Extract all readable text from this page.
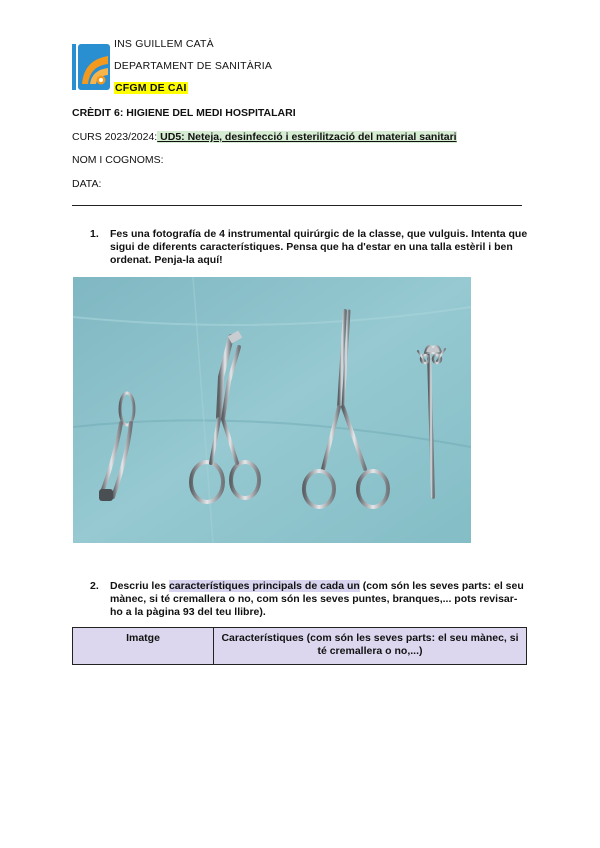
INS GUILLEM CATÀ
DEPARTAMENT DE SANITÀRIA
CFGM DE CAI
CRÈDIT 6: HIGIENE DEL MEDI HOSPITALARI
CURS 2023/2024: UD5: Neteja, desinfecció i esterilització del material sanitari
NOM I COGNOMS:
DATA:
1. Fes una fotografía de 4 instrumental quirúrgic de la classe, que vulguis. Intenta que sigui de diferents característiques. Pensa que ha d'estar en una talla estèril i ben ordenat. Penja-la aquí!
2. Descriu les característiques principals de cada un (com són les seves parts: el seu mànec, si té cremallera o no, com són les seves puntes, branques,... pots revisar-ho a la pàgina 93 del teu llibre).
Imatge	Característiques (com són les seves parts: el seu mànec, si té cremallera o no,...)
